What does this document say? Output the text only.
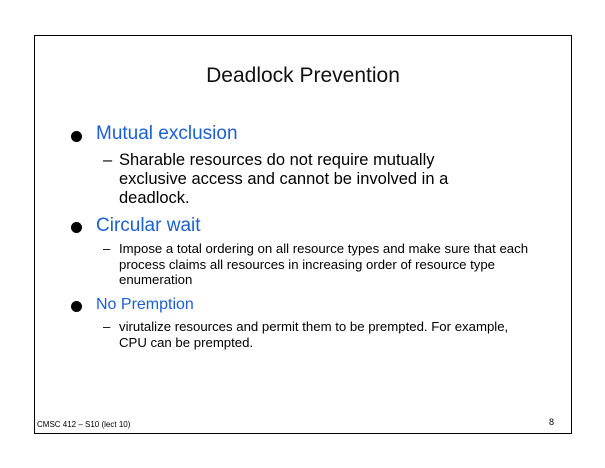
Deadlock Prevention
Mutual exclusion
– Sharable resources do not require mutually exclusive access and cannot be involved in a deadlock.

Circular wait
– Impose a total ordering on all resource types and make sure that each process claims all resources in increasing order of resource type enumeration

No Premption
– virutalize resources and permit them to be prempted. For example, CPU can be prempted.

CMSC 412 – S10 (lect 10)	8
